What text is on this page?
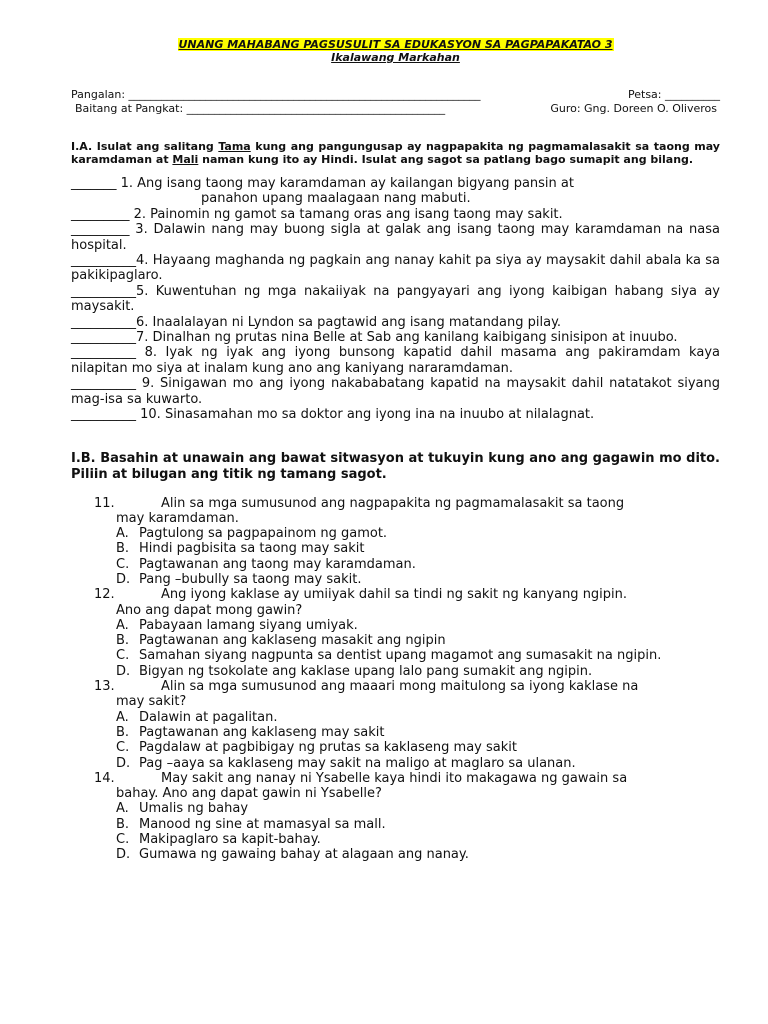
UNANG MAHABANG PAGSUSULIT SA EDUKASYON SA PAGPAPAKATAO 3
Ikalawang Markahan
Pangalan: ________________________________________________________________	Petsa: __________
Baitang at Pangkat: _______________________________________________	Guro: Gng. Doreen O. Oliveros
I.A. Isulat ang salitang Tama kung ang pangungusap ay nagpapakita ng pagmamalasakit sa taong may karamdaman at Mali naman kung ito ay Hindi. Isulat ang sagot sa patlang bago sumapit ang bilang.
_______ 1. Ang isang taong may karamdaman ay kailangan bigyang pansin at
panahon upang maalagaan nang mabuti.
_________ 2. Painomin ng gamot sa tamang oras ang isang taong may sakit.
_________ 3. Dalawin nang may buong sigla at galak ang isang taong may karamdaman na nasa hospital.
__________4. Hayaang maghanda ng pagkain ang nanay kahit pa siya ay maysakit dahil abala ka sa pakikipaglaro.
__________5. Kuwentuhan ng mga nakaiiyak na pangyayari ang iyong kaibigan habang siya ay maysakit.
__________6. Inaalalayan ni Lyndon sa pagtawid ang isang matandang pilay.
__________7. Dinalhan ng prutas nina Belle at Sab ang kanilang kaibigang sinisipon at inuubo.
__________ 8. Iyak ng iyak ang iyong bunsong kapatid dahil masama ang pakiramdam kaya nilapitan mo siya at inalam kung ano ang kaniyang nararamdaman.
__________ 9. Sinigawan mo ang iyong nakababatang kapatid na maysakit dahil natatakot siyang mag-isa sa kuwarto.
__________ 10. Sinasamahan mo sa doktor ang iyong ina na inuubo at nilalagnat.
I.B. Basahin at unawain ang bawat sitwasyon at tukuyin kung ano ang gagawin mo dito. Piliin at bilugan ang titik ng tamang sagot.
11.	Alin sa mga sumusunod ang nagpapakita ng pagmamalasakit sa taong
may karamdaman.
A. Pagtulong sa pagpapainom ng gamot.
B. Hindi pagbisita sa taong may sakit
C. Pagtawanan ang taong may karamdaman.
D. Pang –bubully sa taong may sakit.
12.	Ang iyong kaklase ay umiiyak dahil sa tindi ng sakit ng kanyang ngipin.
Ano ang dapat mong gawin?
A. Pabayaan lamang siyang umiyak.
B. Pagtawanan ang kaklaseng masakit ang ngipin
C. Samahan siyang nagpunta sa dentist upang magamot ang sumasakit na ngipin.
D. Bigyan ng tsokolate ang kaklase upang lalo pang sumakit ang ngipin.
13.	Alin sa mga sumusunod ang maaari mong maitulong sa iyong kaklase na
may sakit?
A. Dalawin at pagalitan.
B. Pagtawanan ang kaklaseng may sakit
C. Pagdalaw at pagbibigay ng prutas sa kaklaseng may sakit
D. Pag –aaya sa kaklaseng may sakit na maligo at maglaro sa ulanan.
14.	May sakit ang nanay ni Ysabelle kaya hindi ito makagawa ng gawain sa
bahay. Ano ang dapat gawin ni Ysabelle?
A. Umalis ng bahay
B. Manood ng sine at mamasyal sa mall.
C. Makipaglaro sa kapit-bahay.
D. Gumawa ng gawaing bahay at alagaan ang nanay.
